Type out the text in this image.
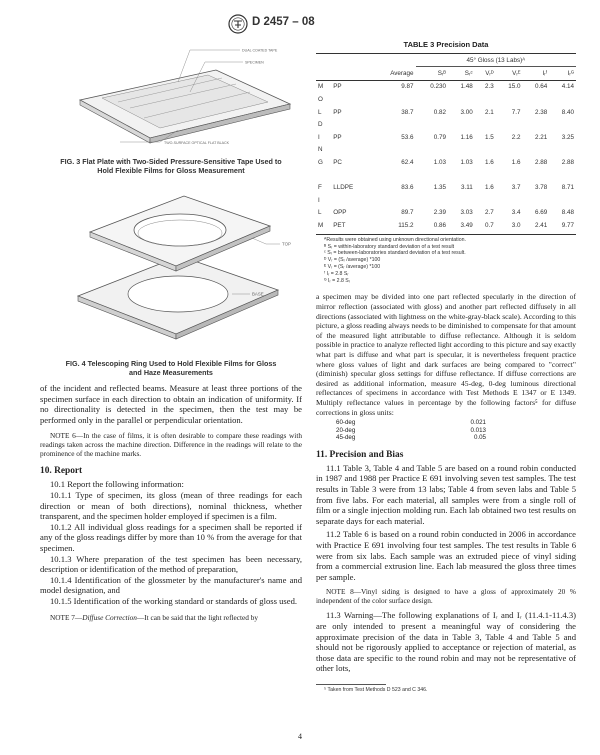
D 2457 – 08
DUAL COATED TAPE
SPECIMEN
TWO-SURFACE OPTICAL FLAT BLACK
FIG. 3 Flat Plate with Two-Sided Pressure-Sensitive Tape Used to Hold Flexible Films for Gloss Measurement
TOP
BASE
FIG. 4 Telescoping Ring Used to Hold Flexible Films for Gloss and Haze Measurements

of the incident and reflected beams. Measure at least three portions of the specimen surface in each direction to obtain an indication of uniformity. If no directionality is detected in the specimen, then the test may be performed only in the parallel or perpendicular orientation.

NOTE 6—In the case of films, it is often desirable to compare these readings with readings taken across the machine direction. Difference in the readings will relate to the prominence of the machine marks.

10. Report

10.1 Report the following information:

10.1.1 Type of specimen, its gloss (mean of three readings for each direction or mean of both directions), nominal thickness, whether transparent, and the specimen holder employed if specimen is a film.

10.1.2 All individual gloss readings for a specimen shall be reported if any of the gloss readings differ by more than 10 % from the average for that specimen.

10.1.3 Where preparation of the test specimen has been necessary, description or identification of the method of preparation,

10.1.4 Identification of the glossmeter by the manufacturer's name and model designation, and

10.1.5 Identification of the working standard or standards of gloss used.

NOTE 7—Diffuse Correction—It can be said that the light reflected by

TABLE 3 Precision Data
			45° Gloss (13 Labs)ᴬ					
		Average	Sᵣᴮ	Sᵣᶜ	Vᵣᴰ	Vᵣᴱ	Iᵣᶠ	Iᵣᴳ
M	PP	9.87	0.230	1.48	2.3	15.0	0.64	4.14
O								
L	PP	38.7	0.82	3.00	2.1	7.7	2.38	8.40
D								
I	PP	53.6	0.79	1.16	1.5	2.2	2.21	3.25
N								
G	PC	62.4	1.03	1.03	1.6	1.6	2.88	2.88

F	LLDPE	83.6	1.35	3.11	1.6	3.7	3.78	8.71
I								
L	OPP	89.7	2.39	3.03	2.7	3.4	6.69	8.48
M	PET	115.2	0.86	3.49	0.7	3.0	2.41	9.77
ᴬResults were obtained using unknown directional orientation.
ᴮ Sᵣ = within-laboratory standard deviation of a test result
ᶜ Sᵣ = between-laboratories standard deviation of a test result.
ᴰ Vᵣ = (Sᵣ /average) *100
ᴱ Vᵣ = (Sᵣ /average) *100
ᶠ Iᵣ = 2.8 Sᵣ
ᴳ Iᵣ = 2.8 Sᵣ

a specimen may be divided into one part reflected specularly in the direction of mirror reflection (associated with gloss) and another part reflected diffusely in all directions (associated with lightness on the white-gray-black scale). According to this picture, a gloss reading always needs to be diminished to compensate for that amount of the measured light attributable to diffuse reflectance. Although it is seldom possible in practice to analyze reflected light according to this picture and say exactly what part is diffuse and what part is specular, it is nevertheless frequent practice where gloss values of light and dark surfaces are being compared to "correct" (diminish) specular gloss settings for diffuse reflectance. If diffuse corrections are desired as additional information, measure 45-deg, 0-deg luminous directional reflectances of specimens in accordance with Test Methods E 1347 or E 1349. Multiply reflectance values in percentage by the following factors⁵ for diffuse corrections in gloss units:

60-deg	0.021
20-deg	0.013
45-deg	0.05
11. Precision and Bias

11.1 Table 3, Table 4 and Table 5 are based on a round robin conducted in 1987 and 1988 per Practice E 691 involving seven test samples. The test results in Table 3 were from 13 labs; Table 4 from seven labs and Table 5 from five labs. For each material, all samples were from a single roll of film or a single injection molding run. Each lab obtained two test results on separate days for each material.

11.2 Table 6 is based on a round robin conducted in 2006 in accordance with Practice E 691 involving four test samples. The test results in Table 6 were from six labs. Each sample was an extruded piece of vinyl siding from a commercial extrusion line. Each lab measured the gloss three times per sample.

NOTE 8—Vinyl siding is designed to have a gloss of approximately 20 % independent of the color surface design.

11.3 Warning—The following explanations of Iᵣ and Iᵣ (11.4.1-11.4.3) are only intended to present a meaningful way of considering the approximate precision of the data in Table 3, Table 4 and Table 5 and should not be rigorously applied to acceptance or rejection of material, as those data are specific to the round robin and may not be representative of other lots,

⁵ Taken from Test Methods D 523 and C 346.
4
